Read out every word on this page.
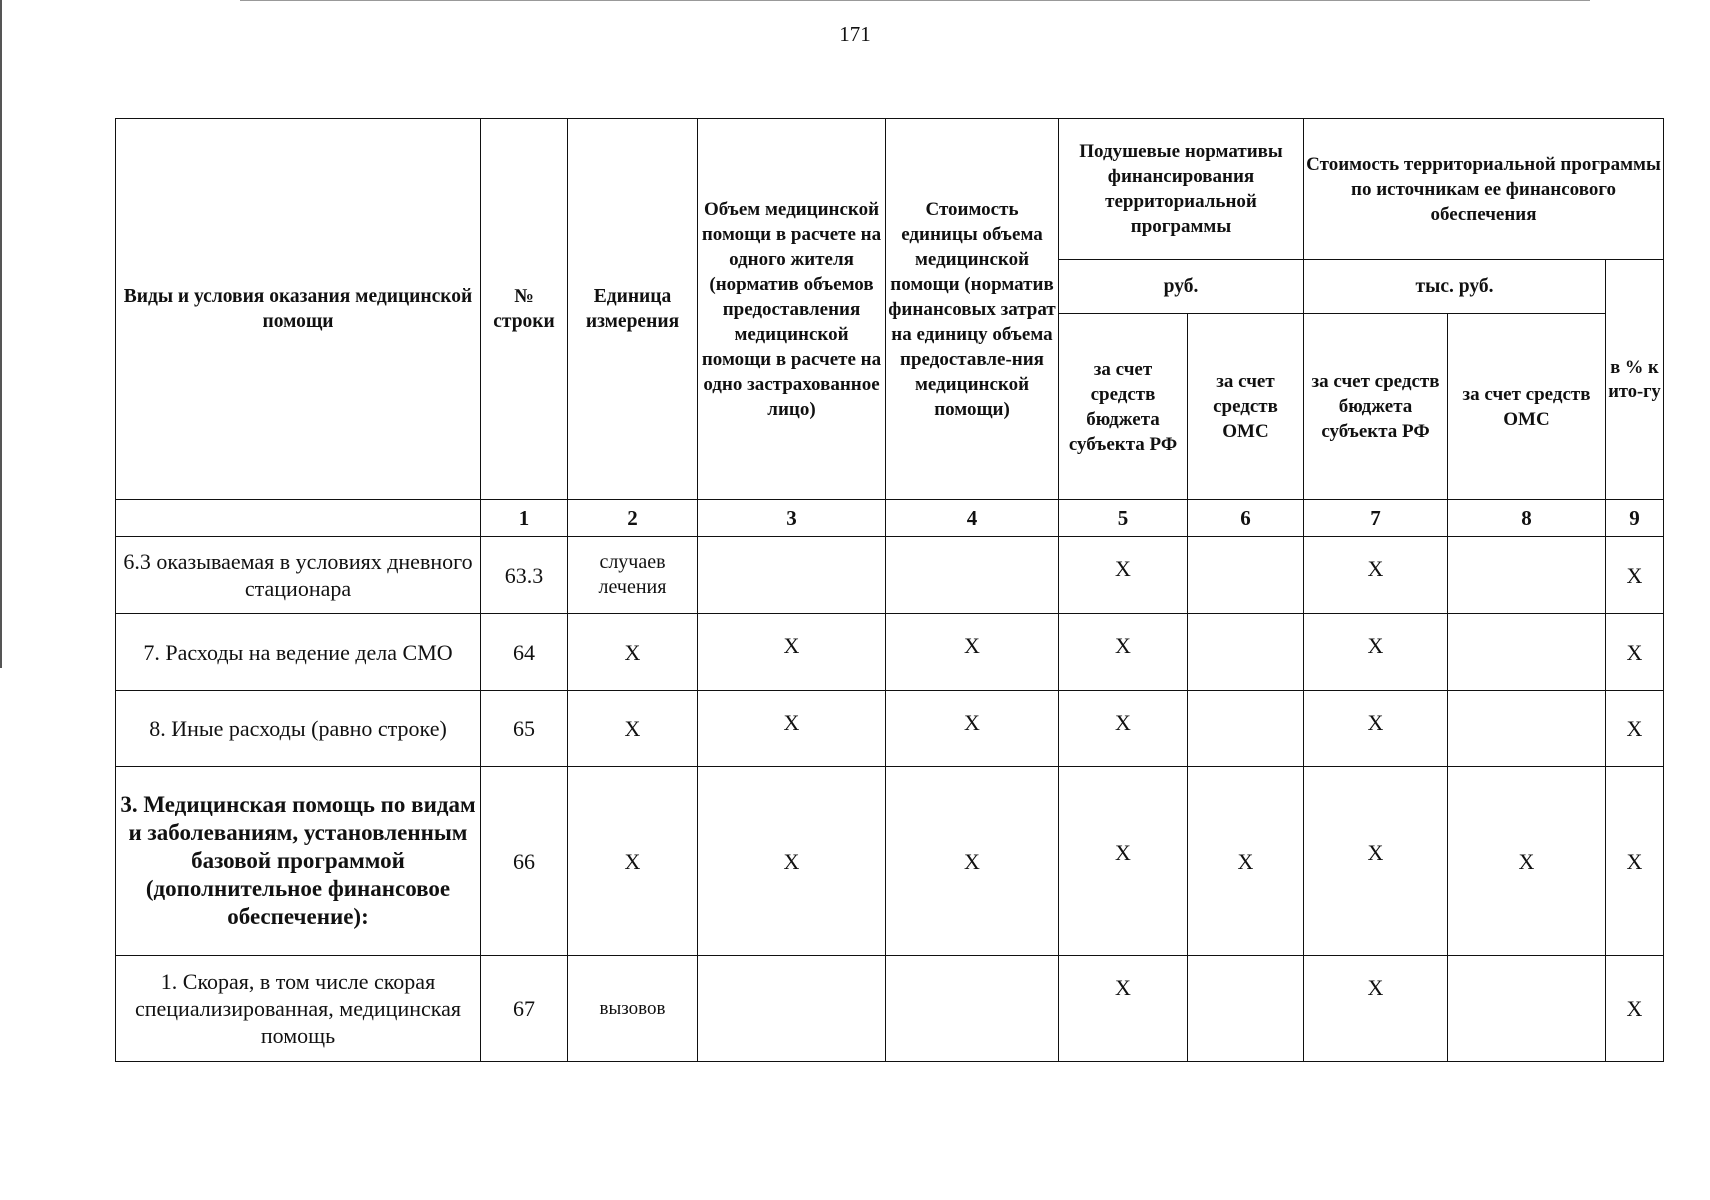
171
Виды и условия оказания медицинской помощи	№ строки	Единица измерения	Объем медицинской помощи в расчете на одного жителя (норматив объемов предоставления медицинской помощи в расчете на одно застрахованное лицо)	Стоимость единицы объема медицинской помощи (норматив финансовых затрат на единицу объема предоставле-ния медицинской помощи)	Подушевые нормативы финансирования территориальной программы		Стоимость территориальной программы по источникам ее финансового обеспечения		
					руб.		тыс. руб.		в % к ито-гу
					за счет средств бюджета субъекта РФ	за счет средств ОМС	за счет средств бюджета субъекта РФ	за счет средств ОМС	
	1	2	3	4	5	6	7	8	9
6.3 оказываемая в условиях дневного стационара	63.3	случаев лечения			X		X		X
7. Расходы на ведение дела СМО	64	X	X	X	X		X		X
8. Иные расходы (равно строке)	65	X	X	X	X		X		X
3. Медицинская помощь по видам и заболеваниям, установленным базовой программой (дополнительное финансовое обеспечение):	66	X	X	X	X	X	X	X	X
1. Скорая, в том числе скорая специализированная, медицинская помощь	67	вызовов			X		X		X
